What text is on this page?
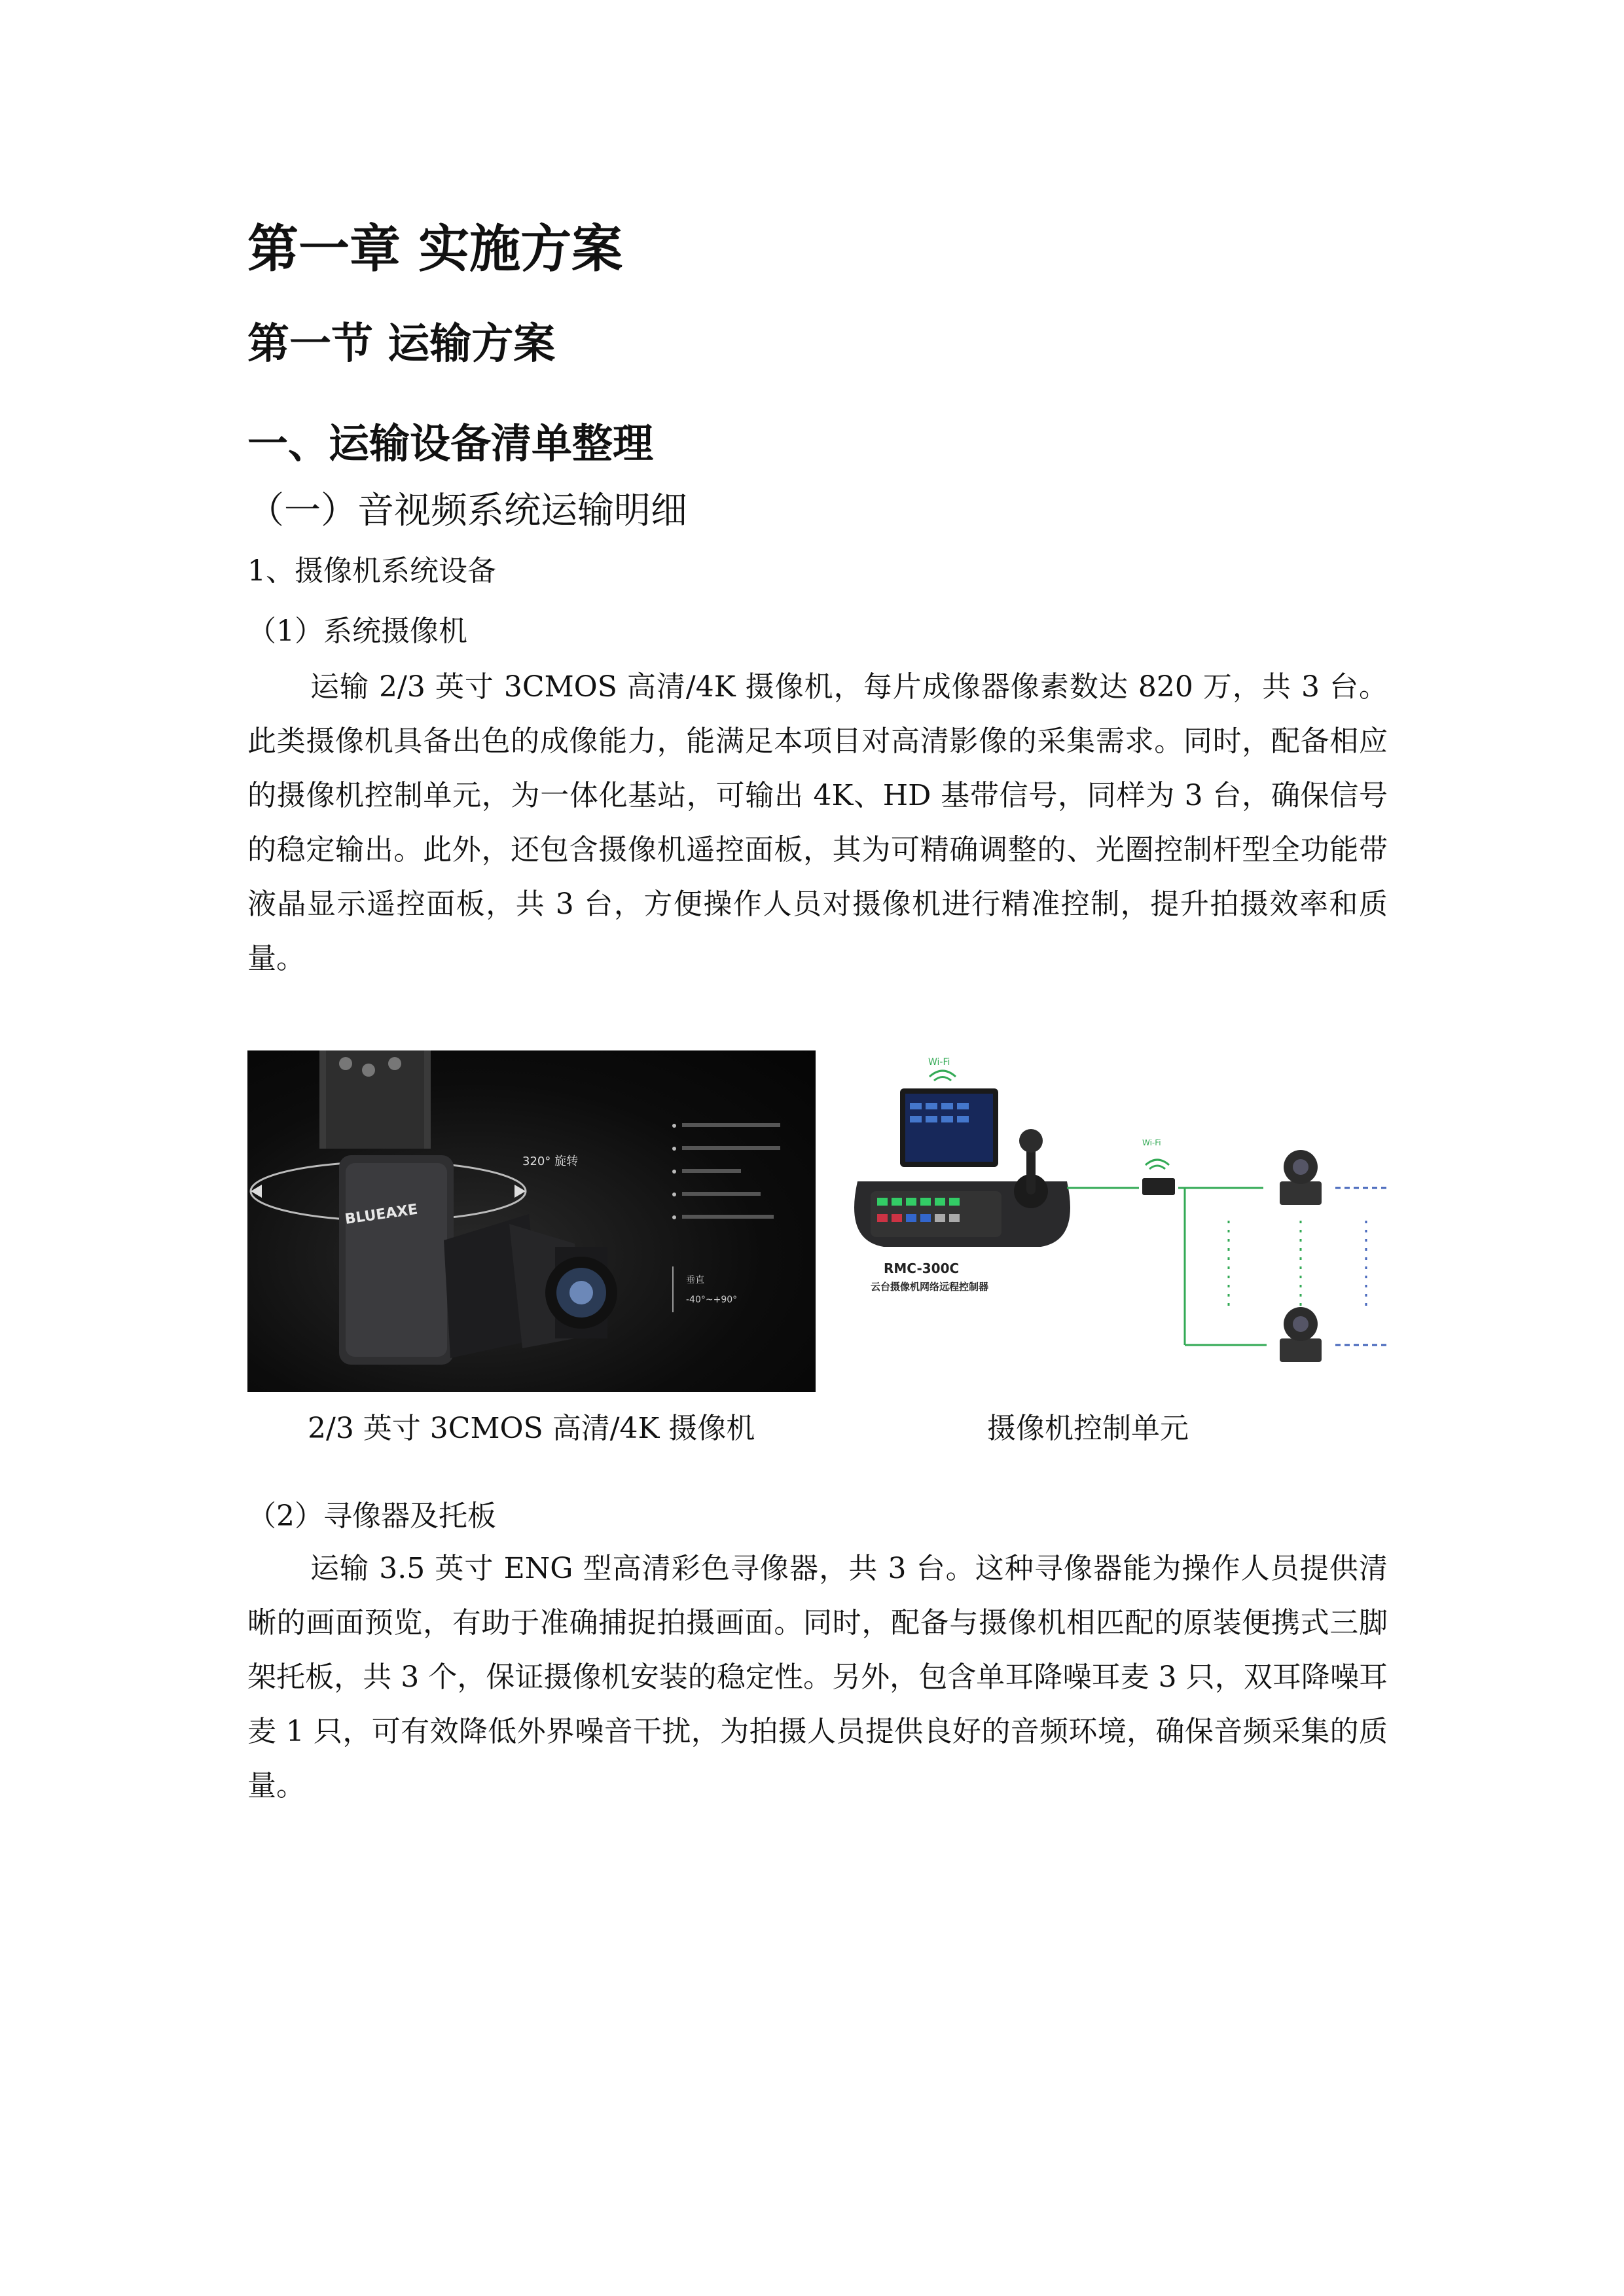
第一章 实施方案
第一节 运输方案
一、运输设备清单整理
（一）音视频系统运输明细
1、摄像机系统设备
（1）系统摄像机
运输 2/3 英寸 3CMOS 高清/4K 摄像机，每片成像器像素数达 820 万，共 3 台。此类摄像机具备出色的成像能力，能满足本项目对高清影像的采集需求。同时，配备相应的摄像机控制单元，为一体化基站，可输出 4K、HD 基带信号，同样为 3 台，确保信号的稳定输出。此外，还包含摄像机遥控面板，其为可精确调整的、光圈控制杆型全功能带液晶显示遥控面板，共 3 台，方便操作人员对摄像机进行精准控制，提升拍摄效率和质量。
BLUEAXE
320° 旋转
垂直
-40°~+90°
Wi-Fi
RMC-300C
云台摄像机网络远程控制器
Wi-Fi
2/3 英寸 3CMOS 高清/4K 摄像机	摄像机控制单元
（2）寻像器及托板
运输 3.5 英寸 ENG 型高清彩色寻像器，共 3 台。这种寻像器能为操作人员提供清晰的画面预览，有助于准确捕捉拍摄画面。同时，配备与摄像机相匹配的原装便携式三脚架托板，共 3 个，保证摄像机安装的稳定性。另外，包含单耳降噪耳麦 3 只，双耳降噪耳麦 1 只，可有效降低外界噪音干扰，为拍摄人员提供良好的音频环境，确保音频采集的质量。
